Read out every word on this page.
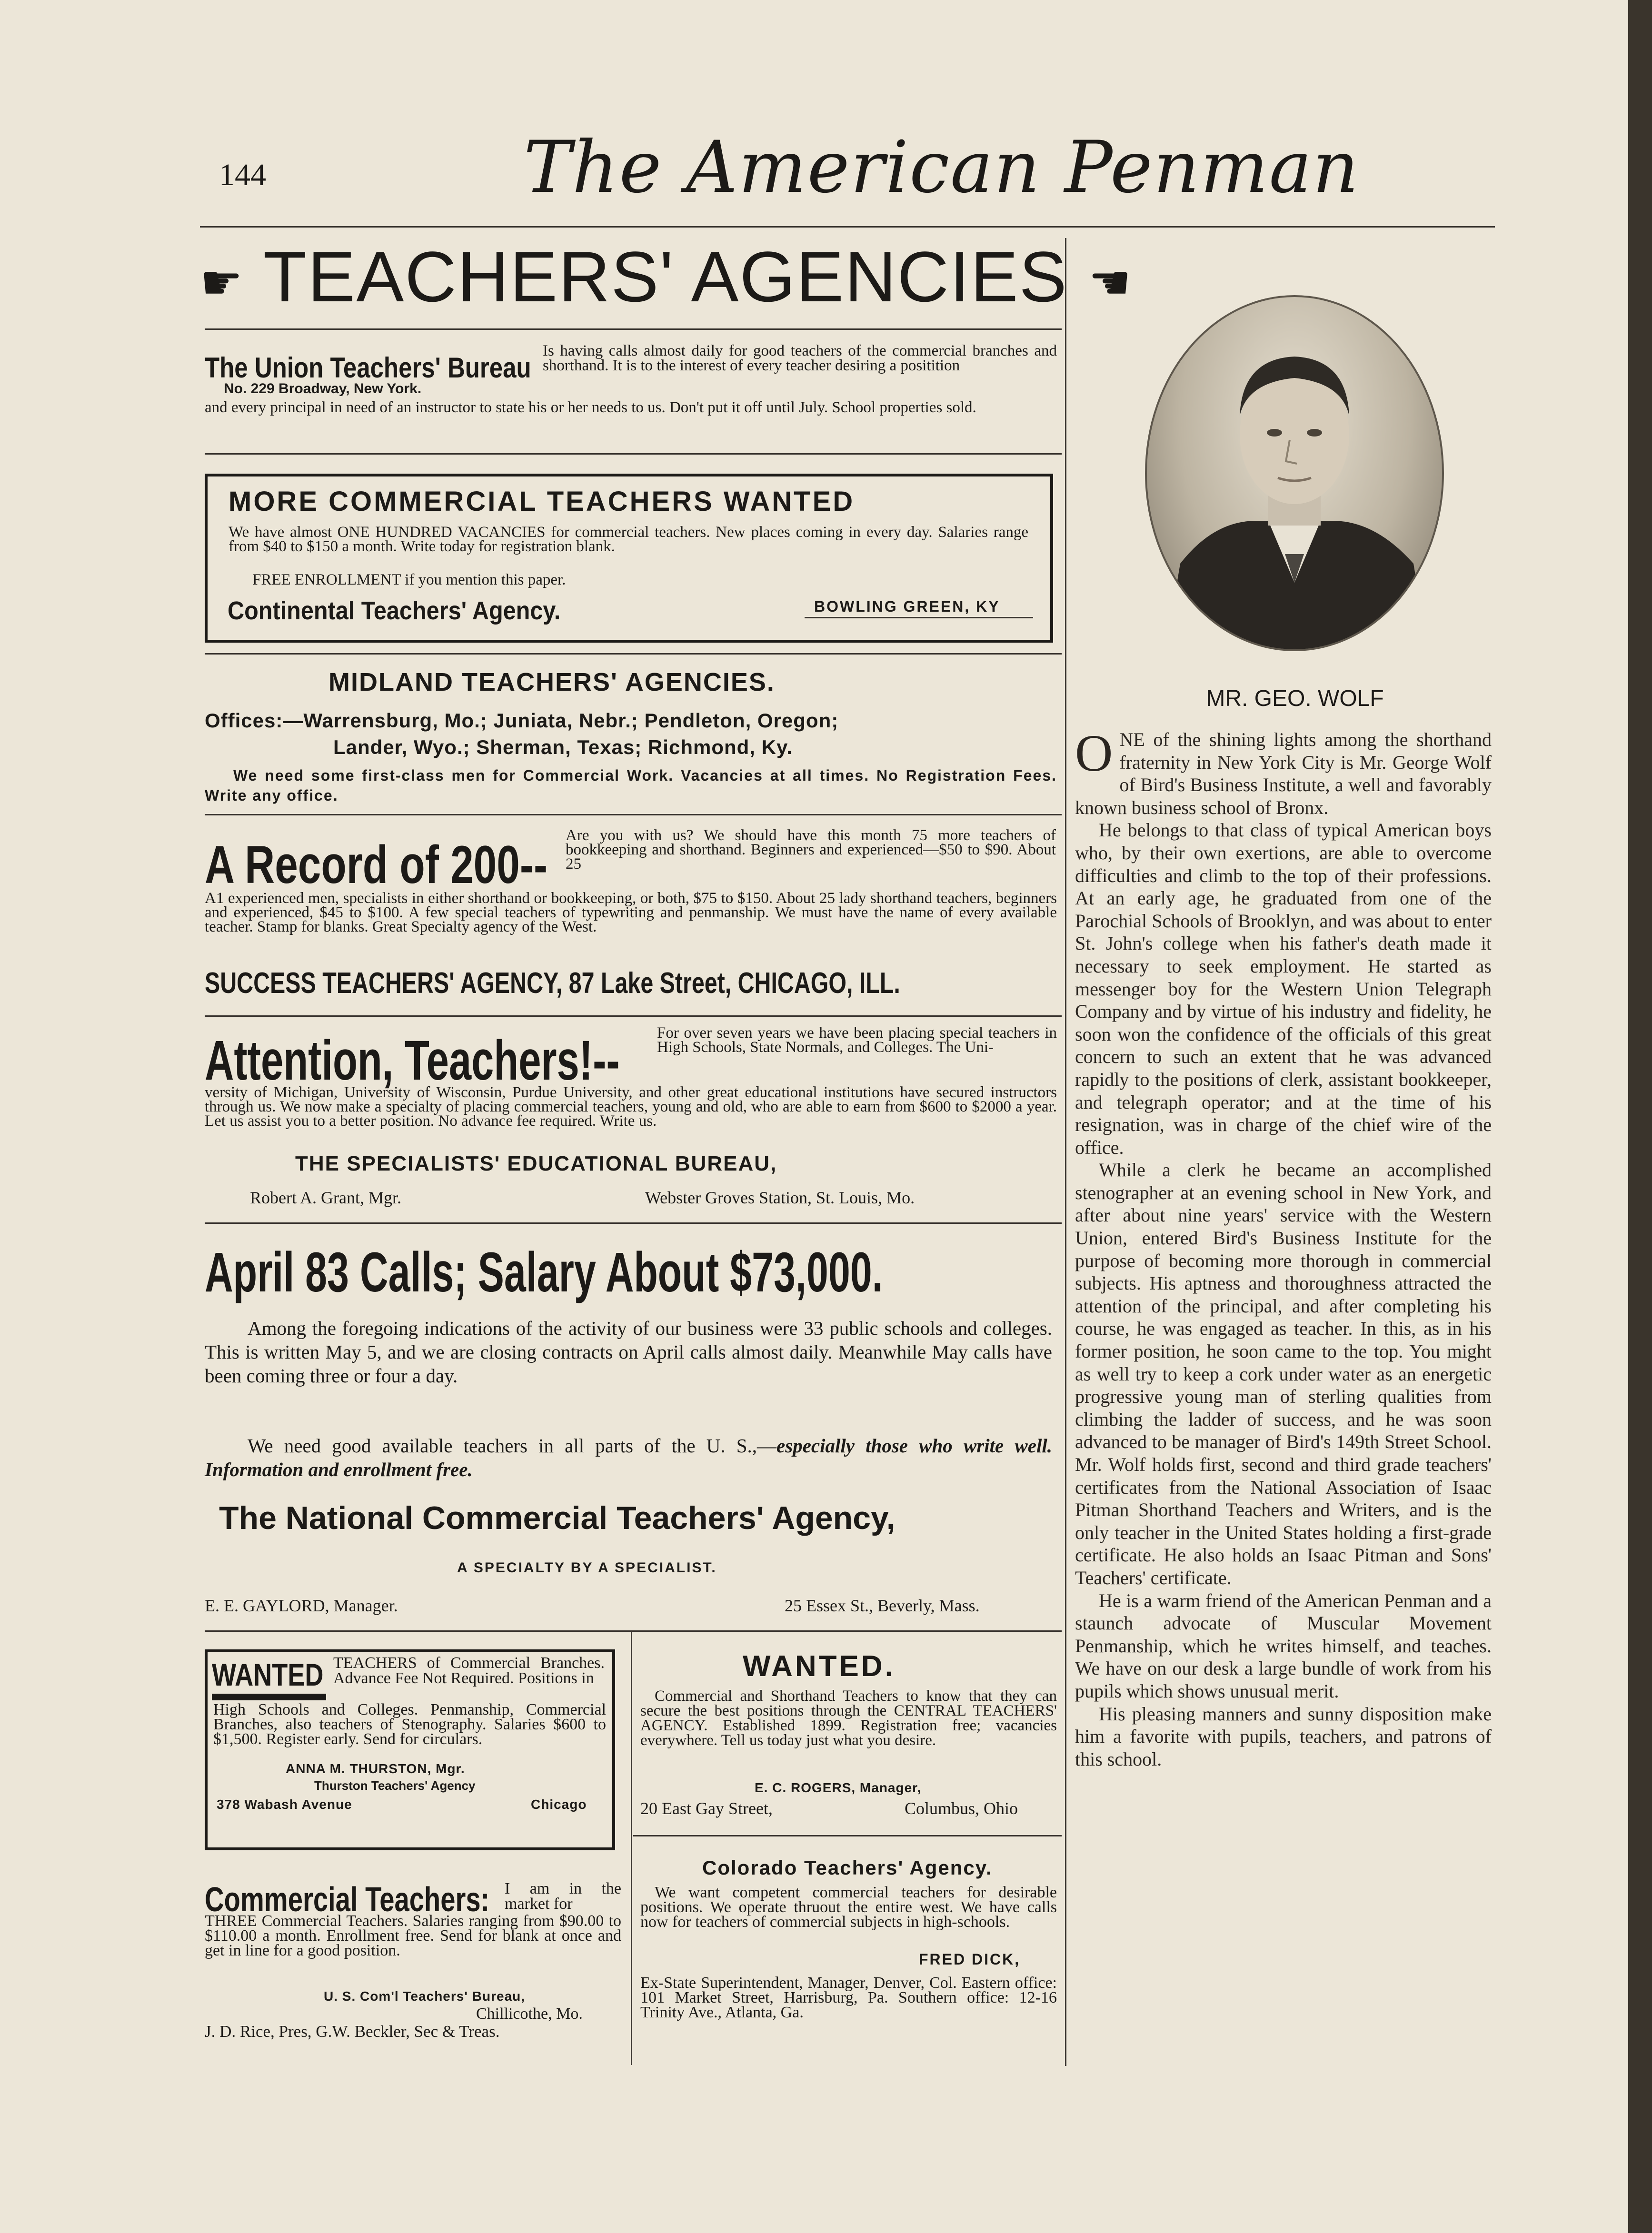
144	The American Penman
☛ TEACHERS' AGENCIES ☚
The Union Teachers' Bureau
No. 229 Broadway, New York.
Is having calls almost daily for good teachers of the commercial branches and shorthand. It is to the interest of every teacher desiring a positition
and every principal in need of an instructor to state his or her needs to us. Don't put it off until July. School properties sold.
MORE COMMERCIAL TEACHERS WANTED
We have almost ONE HUNDRED VACANCIES for commercial teachers. New places coming in every day. Salaries range from $40 to $150 a month. Write today for registration blank.
FREE ENROLLMENT if you mention this paper.
Continental Teachers' Agency.	BOWLING GREEN, KY
MIDLAND TEACHERS' AGENCIES.
Offices:—Warrensburg, Mo.; Juniata, Nebr.; Pendleton, Oregon;
Lander, Wyo.; Sherman, Texas; Richmond, Ky.
We need some first-class men for Commercial Work. Vacancies at all times. No Registration Fees. Write any office.
A Record of 200-- Are you with us? We should have this month 75 more teachers of bookkeeping and shorthand. Beginners and experienced—$50 to $90. About 25
A1 experienced men, specialists in either shorthand or bookkeeping, or both, $75 to $150. About 25 lady shorthand teachers, beginners and experienced, $45 to $100. A few special teachers of typewriting and penmanship. We must have the name of every available teacher. Stamp for blanks. Great Specialty agency of the West.
SUCCESS TEACHERS' AGENCY, 87 Lake Street, CHICAGO, ILL.
Attention, Teachers!-- For over seven years we have been placing special teachers in High Schools, State Normals, and Colleges. The Uni-
versity of Michigan, University of Wisconsin, Purdue University, and other great educational institutions have secured instructors through us. We now make a specialty of placing commercial teachers, young and old, who are able to earn from $600 to $2000 a year. Let us assist you to a better position. No advance fee required. Write us.
THE SPECIALISTS' EDUCATIONAL BUREAU,
Robert A. Grant, Mgr.	Webster Groves Station, St. Louis, Mo.
April 83 Calls; Salary About $73,000.
Among the foregoing indications of the activity of our business were 33 public schools and colleges. This is written May 5, and we are closing contracts on April calls almost daily. Meanwhile May calls have been coming three or four a day.
We need good available teachers in all parts of the U. S.,—especially those who write well. Information and enrollment free.
The National Commercial Teachers' Agency,
A SPECIALTY BY A SPECIALIST.
E. E. GAYLORD, Manager.	25 Essex St., Beverly, Mass.
WANTED TEACHERS of Commercial Branches. Advance Fee Not Required. Positions in
High Schools and Colleges. Penmanship, Commercial Branches, also teachers of Stenography. Salaries $600 to $1,500. Register early. Send for circulars.
ANNA M. THURSTON, Mgr.
Thurston Teachers' Agency
378 Wabash Avenue	Chicago
WANTED.
Commercial and Shorthand Teachers to know that they can secure the best positions through the CENTRAL TEACHERS' AGENCY. Established 1899. Registration free; vacancies everywhere. Tell us today just what you desire.
E. C. ROGERS, Manager,
20 East Gay Street,	Columbus, Ohio
Commercial Teachers: I am in the market for
THREE Commercial Teachers. Salaries ranging from $90.00 to $110.00 a month. Enrollment free. Send for blank at once and get in line for a good position.
U. S. Com'l Teachers' Bureau,
Chillicothe, Mo.
J. D. Rice, Pres, G.W. Beckler, Sec & Treas.
Colorado Teachers' Agency.
We want competent commercial teachers for desirable positions. We operate thruout the entire west. We have calls now for teachers of commercial subjects in high-schools.
FRED DICK,
Ex-State Superintendent, Manager, Denver, Col. Eastern office: 101 Market Street, Harrisburg, Pa. Southern office: 12-16 Trinity Ave., Atlanta, Ga.
MR. GEO. WOLF
O NE of the shining lights among the shorthand fraternity in New York City is Mr. George Wolf of Bird's Business Institute, a well and favorably known business school of Bronx.

He belongs to that class of typical American boys who, by their own exertions, are able to overcome difficulties and climb to the top of their professions. At an early age, he graduated from one of the Parochial Schools of Brooklyn, and was about to enter St. John's college when his father's death made it necessary to seek employment. He started as messenger boy for the Western Union Telegraph Company and by virtue of his industry and fidelity, he soon won the confidence of the officials of this great concern to such an extent that he was advanced rapidly to the positions of clerk, assistant bookkeeper, and telegraph operator; and at the time of his resignation, was in charge of the chief wire of the office.

While a clerk he became an accomplished stenographer at an evening school in New York, and after about nine years' service with the Western Union, entered Bird's Business Institute for the purpose of becoming more thorough in commercial subjects. His aptness and thoroughness attracted the attention of the principal, and after completing his course, he was engaged as teacher. In this, as in his former position, he soon came to the top. You might as well try to keep a cork under water as an energetic progressive young man of sterling qualities from climbing the ladder of success, and he was soon advanced to be manager of Bird's 149th Street School. Mr. Wolf holds first, second and third grade teachers' certificates from the National Association of Isaac Pitman Shorthand Teachers and Writers, and is the only teacher in the United States holding a first-grade certificate. He also holds an Isaac Pitman and Sons' Teachers' certificate.

He is a warm friend of the American Penman and a staunch advocate of Muscular Movement Penmanship, which he writes himself, and teaches. We have on our desk a large bundle of work from his pupils which shows unusual merit.

His pleasing manners and sunny disposition make him a favorite with pupils, teachers, and patrons of this school.
